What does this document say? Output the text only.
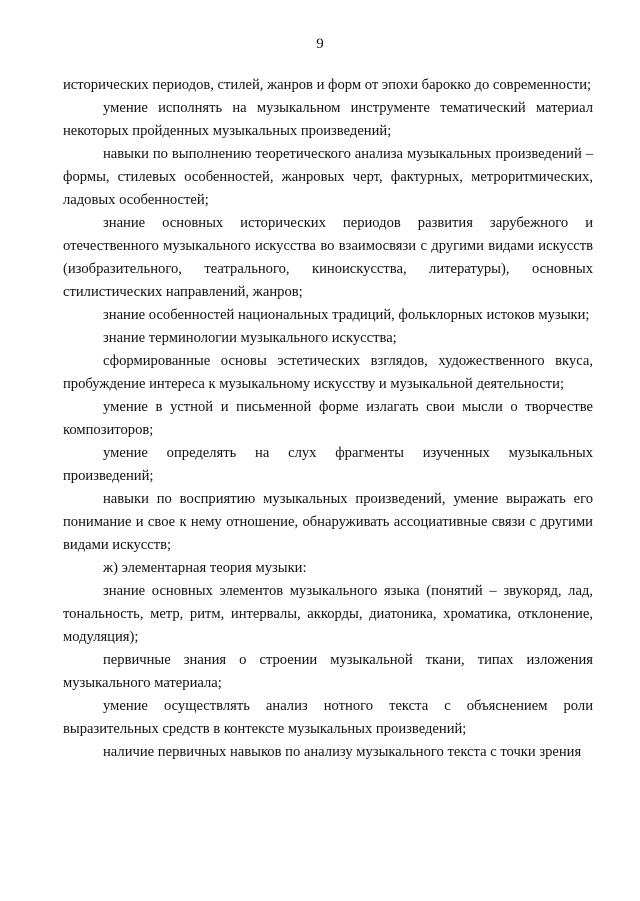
9

исторических периодов, стилей, жанров и форм от эпохи барокко до современности;

умение исполнять на музыкальном инструменте тематический материал некоторых пройденных музыкальных произведений;

навыки по выполнению теоретического анализа музыкальных произведений – формы, стилевых особенностей, жанровых черт, фактурных, метроритмических, ладовых особенностей;

знание основных исторических периодов развития зарубежного и отечественного музыкального искусства во взаимосвязи с другими видами искусств (изобразительного, театрального, киноискусства, литературы), основных стилистических направлений, жанров;

знание особенностей национальных традиций, фольклорных истоков музыки;

знание терминологии музыкального искусства;

сформированные основы эстетических взглядов, художественного вкуса, пробуждение интереса к музыкальному искусству и музыкальной деятельности;

умение в устной и письменной форме излагать свои мысли о творчестве композиторов;

умение определять на слух фрагменты изученных музыкальных произведений;

навыки по восприятию музыкальных произведений, умение выражать его понимание и свое к нему отношение, обнаруживать ассоциативные связи с другими видами искусств;

ж) элементарная теория музыки:

знание основных элементов музыкального языка (понятий – звукоряд, лад, тональность, метр, ритм, интервалы, аккорды, диатоника, хроматика, отклонение, модуляция);

первичные знания о строении музыкальной ткани, типах изложения музыкального материала;

умение осуществлять анализ нотного текста с объяснением роли выразительных средств в контексте музыкальных произведений;

наличие первичных навыков по анализу музыкального текста с точки зрения
